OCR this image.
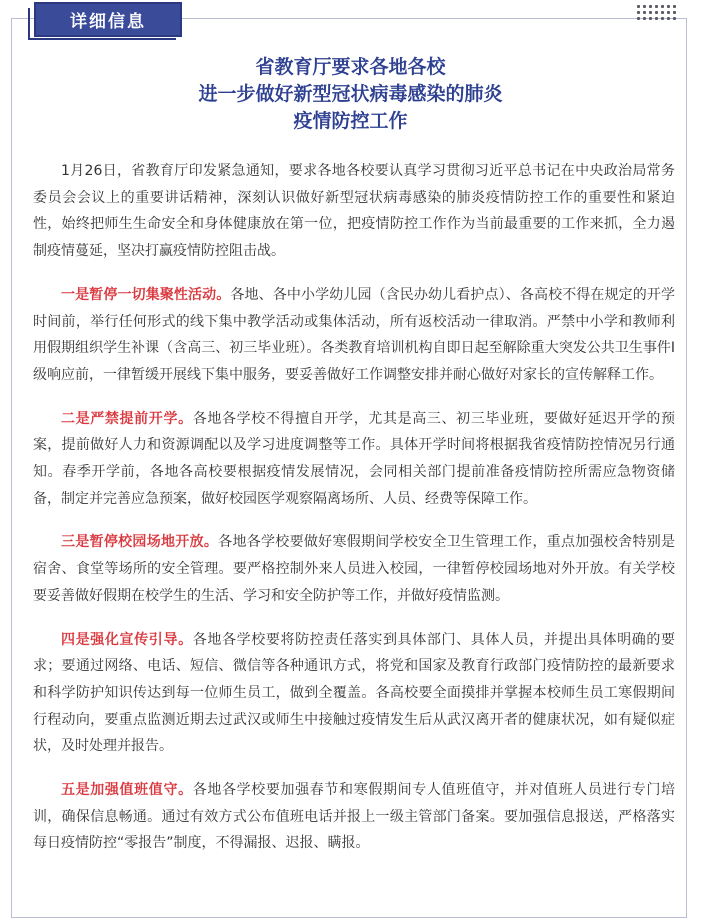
详细信息
省教育厅要求各地各校
进一步做好新型冠状病毒感染的肺炎
疫情防控工作

1月26日，省教育厅印发紧急通知，要求各地各校要认真学习贯彻习近平总书记在中央政治局常务委员会会议上的重要讲话精神，深刻认识做好新型冠状病毒感染的肺炎疫情防控工作的重要性和紧迫性，始终把师生生命安全和身体健康放在第一位，把疫情防控工作作为当前最重要的工作来抓，全力遏制疫情蔓延，坚决打赢疫情防控阻击战。

一是暂停一切集聚性活动。各地、各中小学幼儿园（含民办幼儿看护点）、各高校不得在规定的开学时间前，举行任何形式的线下集中教学活动或集体活动，所有返校活动一律取消。严禁中小学和教师利用假期组织学生补课（含高三、初三毕业班）。各类教育培训机构自即日起至解除重大突发公共卫生事件Ⅰ级响应前，一律暂缓开展线下集中服务，要妥善做好工作调整安排并耐心做好对家长的宣传解释工作。

二是严禁提前开学。各地各学校不得擅自开学，尤其是高三、初三毕业班，要做好延迟开学的预案，提前做好人力和资源调配以及学习进度调整等工作。具体开学时间将根据我省疫情防控情况另行通知。春季开学前，各地各高校要根据疫情发展情况，会同相关部门提前准备疫情防控所需应急物资储备，制定并完善应急预案，做好校园医学观察隔离场所、人员、经费等保障工作。

三是暂停校园场地开放。各地各学校要做好寒假期间学校安全卫生管理工作，重点加强校舍特别是宿舍、食堂等场所的安全管理。要严格控制外来人员进入校园，一律暂停校园场地对外开放。有关学校要妥善做好假期在校学生的生活、学习和安全防护等工作，并做好疫情监测。

四是强化宣传引导。各地各学校要将防控责任落实到具体部门、具体人员，并提出具体明确的要求；要通过网络、电话、短信、微信等各种通讯方式，将党和国家及教育行政部门疫情防控的最新要求和科学防护知识传达到每一位师生员工，做到全覆盖。各高校要全面摸排并掌握本校师生员工寒假期间行程动向，要重点监测近期去过武汉或师生中接触过疫情发生后从武汉离开者的健康状况，如有疑似症状，及时处理并报告。

五是加强值班值守。各地各学校要加强春节和寒假期间专人值班值守，并对值班人员进行专门培训，确保信息畅通。通过有效方式公布值班电话并报上一级主管部门备案。要加强信息报送，严格落实每日疫情防控“零报告”制度，不得漏报、迟报、瞒报。
